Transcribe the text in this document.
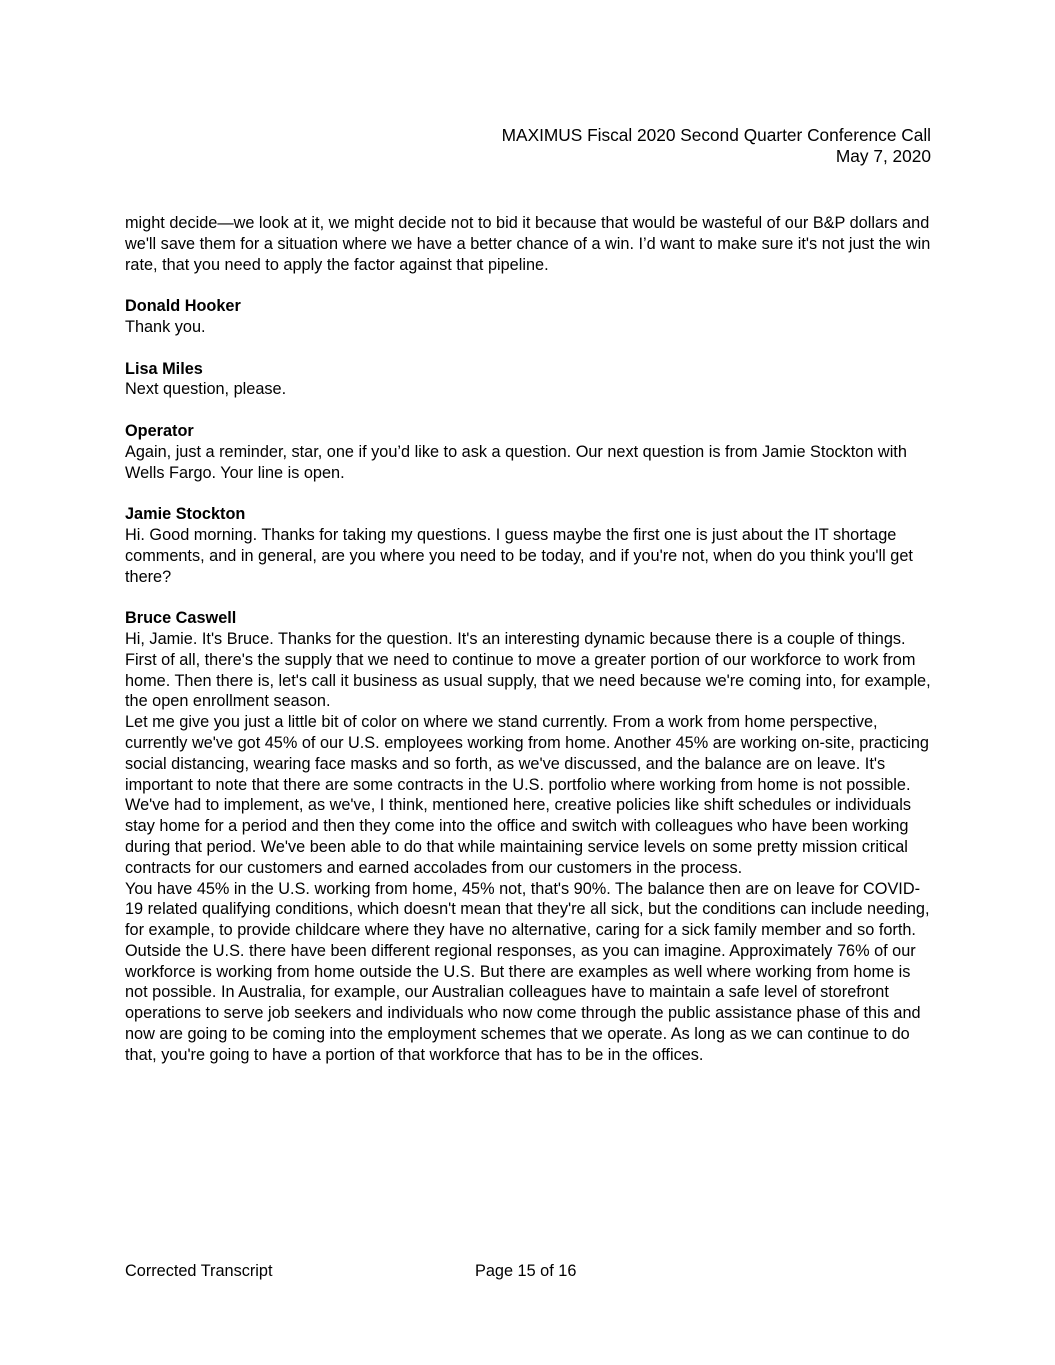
MAXIMUS Fiscal 2020 Second Quarter Conference Call
May 7, 2020

might decide—we look at it, we might decide not to bid it because that would be wasteful of our B&P dollars and we'll save them for a situation where we have a better chance of a win. I’d want to make sure it's not just the win rate, that you need to apply the factor against that pipeline.

Donald Hooker

Thank you.

Lisa Miles

Next question, please.

Operator

Again, just a reminder, star, one if you’d like to ask a question. Our next question is from Jamie Stockton with Wells Fargo. Your line is open.

Jamie Stockton

Hi. Good morning. Thanks for taking my questions. I guess maybe the first one is just about the IT shortage comments, and in general, are you where you need to be today, and if you're not, when do you think you'll get there?

Bruce Caswell

Hi, Jamie. It's Bruce. Thanks for the question. It's an interesting dynamic because there is a couple of things. First of all, there's the supply that we need to continue to move a greater portion of our workforce to work from home. Then there is, let's call it business as usual supply, that we need because we're coming into, for example, the open enrollment season.

Let me give you just a little bit of color on where we stand currently. From a work from home perspective, currently we've got 45% of our U.S. employees working from home. Another 45% are working on-site, practicing social distancing, wearing face masks and so forth, as we've discussed, and the balance are on leave. It's important to note that there are some contracts in the U.S. portfolio where working from home is not possible. We've had to implement, as we've, I think, mentioned here, creative policies like shift schedules or individuals stay home for a period and then they come into the office and switch with colleagues who have been working during that period. We've been able to do that while maintaining service levels on some pretty mission critical contracts for our customers and earned accolades from our customers in the process.

You have 45% in the U.S. working from home, 45% not, that's 90%. The balance then are on leave for COVID-19 related qualifying conditions, which doesn't mean that they're all sick, but the conditions can include needing, for example, to provide childcare where they have no alternative, caring for a sick family member and so forth.

Outside the U.S. there have been different regional responses, as you can imagine. Approximately 76% of our workforce is working from home outside the U.S. But there are examples as well where working from home is not possible. In Australia, for example, our Australian colleagues have to maintain a safe level of storefront operations to serve job seekers and individuals who now come through the public assistance phase of this and now are going to be coming into the employment schemes that we operate. As long as we can continue to do that, you're going to have a portion of that workforce that has to be in the offices.

Corrected Transcript	Page 15 of 16
